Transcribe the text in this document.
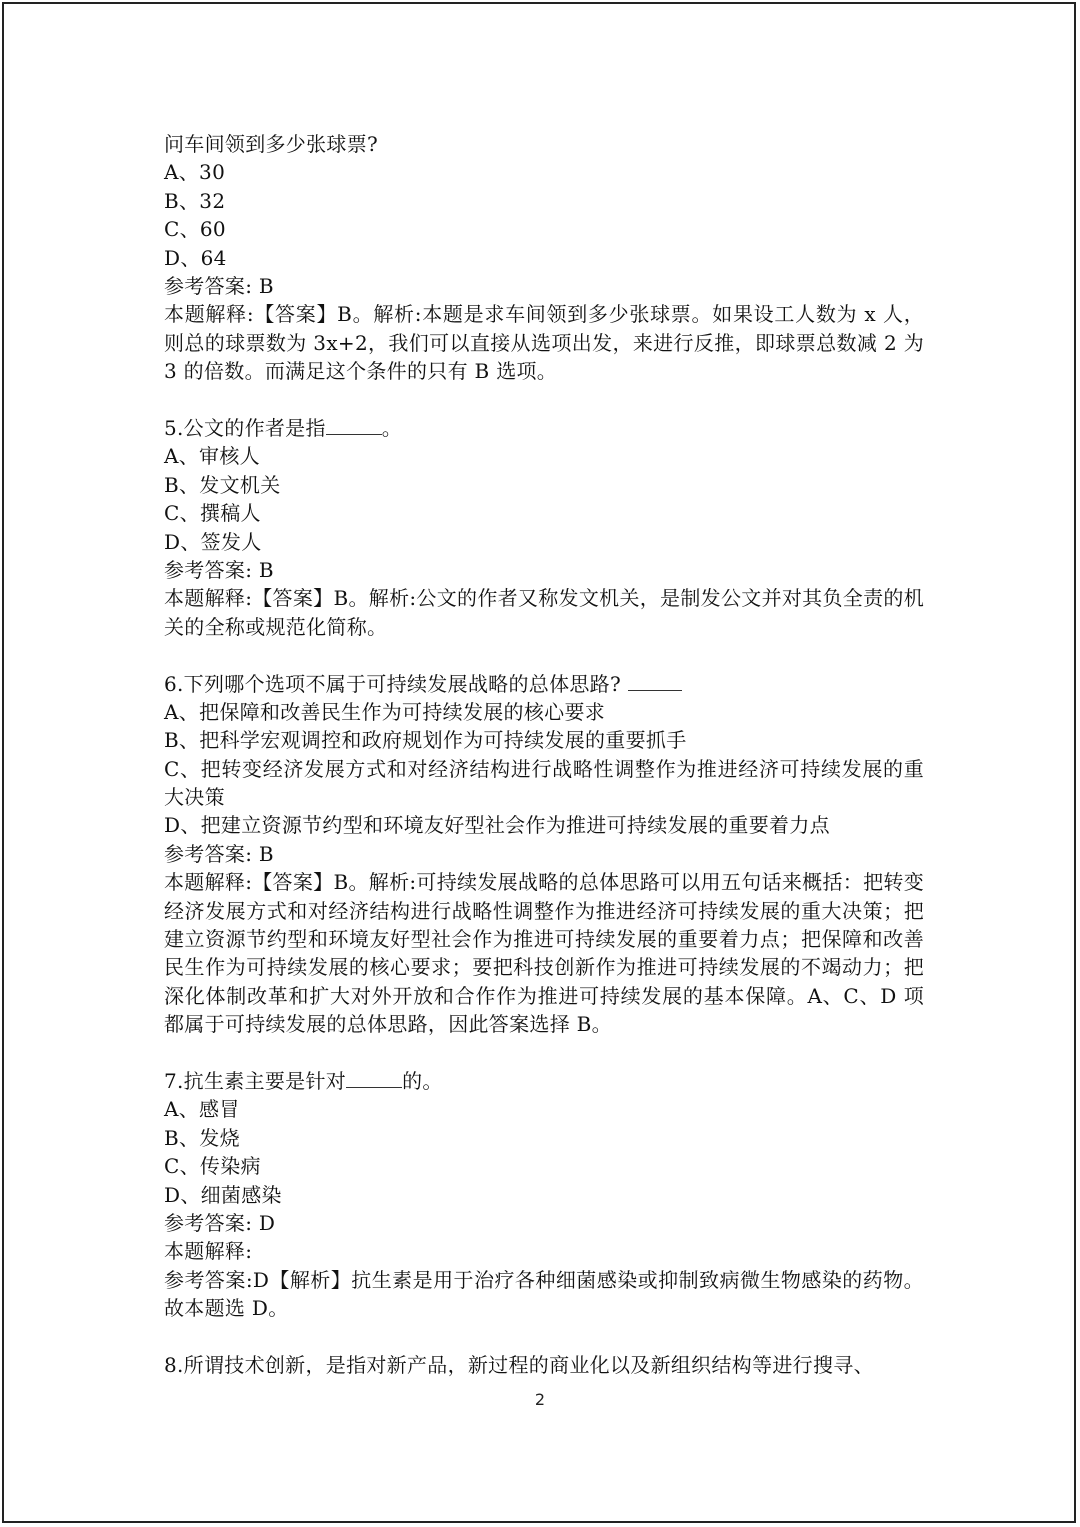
问车间领到多少张球票?
A、30
B、32
C、60
D、64
参考答案: B
本题解释:【答案】B。解析:本题是求车间领到多少张球票。如果设工人数为 x 人，则总的球票数为 3x+2，我们可以直接从选项出发，来进行反推，即球票总数减 2 为 3 的倍数。而满足这个条件的只有 B 选项。
5.公文的作者是指	。
A、审核人
B、发文机关
C、撰稿人
D、签发人
参考答案: B
本题解释:【答案】B。解析:公文的作者又称发文机关，是制发公文并对其负全责的机关的全称或规范化简称。
6.下列哪个选项不属于可持续发展战略的总体思路?
A、把保障和改善民生作为可持续发展的核心要求
B、把科学宏观调控和政府规划作为可持续发展的重要抓手
C、把转变经济发展方式和对经济结构进行战略性调整作为推进经济可持续发展的重大决策
D、把建立资源节约型和环境友好型社会作为推进可持续发展的重要着力点
参考答案: B
本题解释:【答案】B。解析:可持续发展战略的总体思路可以用五句话来概括：把转变经济发展方式和对经济结构进行战略性调整作为推进经济可持续发展的重大决策；把建立资源节约型和环境友好型社会作为推进可持续发展的重要着力点；把保障和改善民生作为可持续发展的核心要求；要把科技创新作为推进可持续发展的不竭动力；把深化体制改革和扩大对外开放和合作作为推进可持续发展的基本保障。A、C、D 项都属于可持续发展的总体思路，因此答案选择 B。
7.抗生素主要是针对	的。
A、感冒
B、发烧
C、传染病
D、细菌感染
参考答案: D
本题解释:
参考答案:D【解析】抗生素是用于治疗各种细菌感染或抑制致病微生物感染的药物。故本题选 D。
8.所谓技术创新，是指对新产品，新过程的商业化以及新组织结构等进行搜寻、
2
